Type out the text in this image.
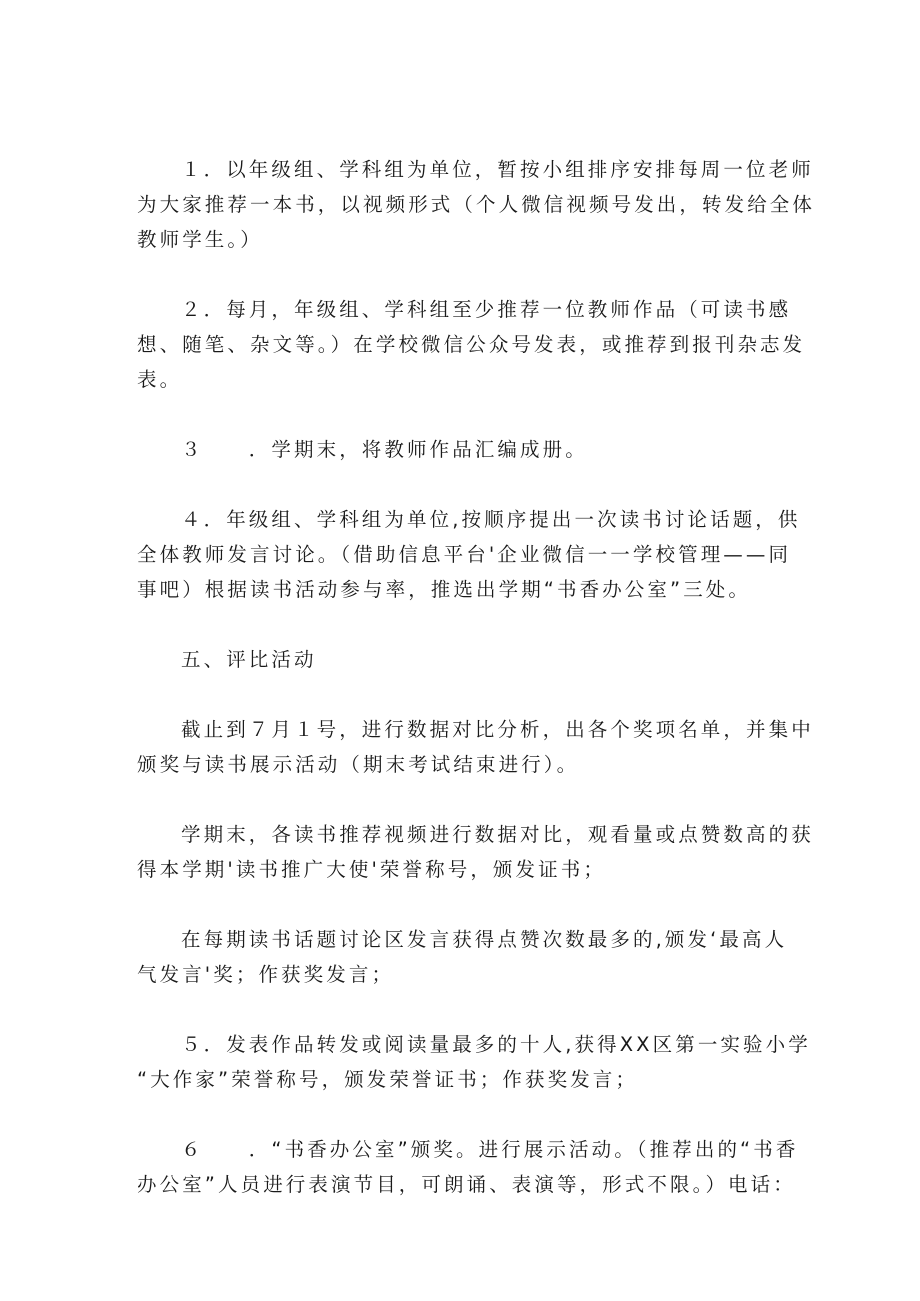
１．以年级组、学科组为单位，暂按小组排序安排每周一位老师
为大家推荐一本书，以视频形式（个人微信视频号发出，转发给全体
教师学生。）
２．每月，年级组、学科组至少推荐一位教师作品（可读书感
想、随笔、杂文等。）在学校微信公众号发表，或推荐到报刊杂志发
表。
３　　．学期末，将教师作品汇编成册。
４．年级组、学科组为单位,按顺序提出一次读书讨论话题，供
全体教师发言讨论。（借助信息平台'企业微信一一学校管理——同
事吧）根据读书活动参与率，推选出学期“书香办公室”三处。
五、评比活动
截止到７月１号，进行数据对比分析，出各个奖项名单，并集中
颁奖与读书展示活动（期末考试结束进行）。
学期末，各读书推荐视频进行数据对比，观看量或点赞数高的获
得本学期'读书推广大使'荣誉称号，颁发证书；
在每期读书话题讨论区发言获得点赞次数最多的,颁发‘最高人
气发言'奖；作获奖发言；
５．发表作品转发或阅读量最多的十人,获得XX区第一实验小学
“大作家”荣誉称号，颁发荣誉证书；作获奖发言；
６　　．“书香办公室”颁奖。进行展示活动。（推荐出的“书香
办公室”人员进行表演节目，可朗诵、表演等，形式不限。）电话：
